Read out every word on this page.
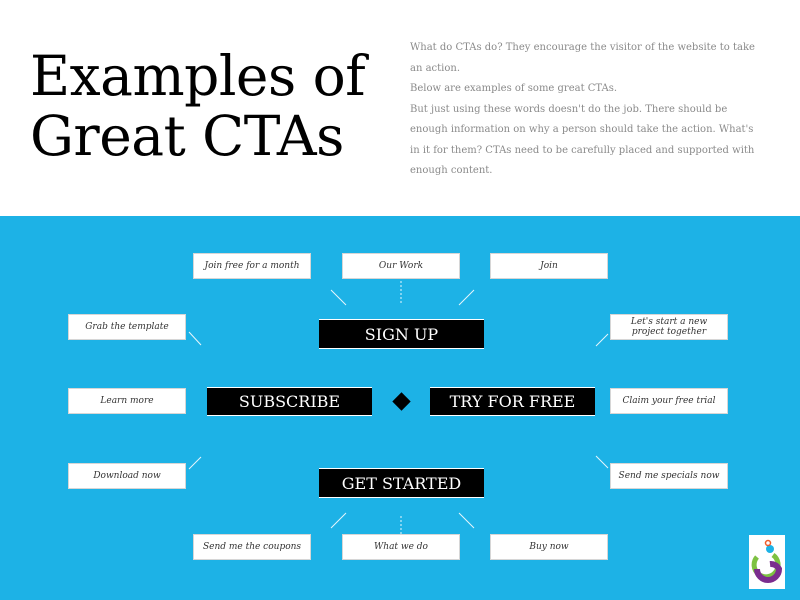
Examples of
Great CTAs

What do CTAs do? They encourage the visitor of the website to take an action.

Below are examples of some great CTAs.

But just using these words doesn't do the job. There should be enough information on why a person should take the action. What's in it for them? CTAs need to be carefully placed and supported with enough content.

Join free for a month	Our Work	Join
Grab the template	Let's start a new project together
Learn more	Claim your free trial
Download now	Send me specials now
Send me the coupons	What we do	Buy now
SIGN UP
SUBSCRIBE	TRY FOR FREE
GET STARTED
